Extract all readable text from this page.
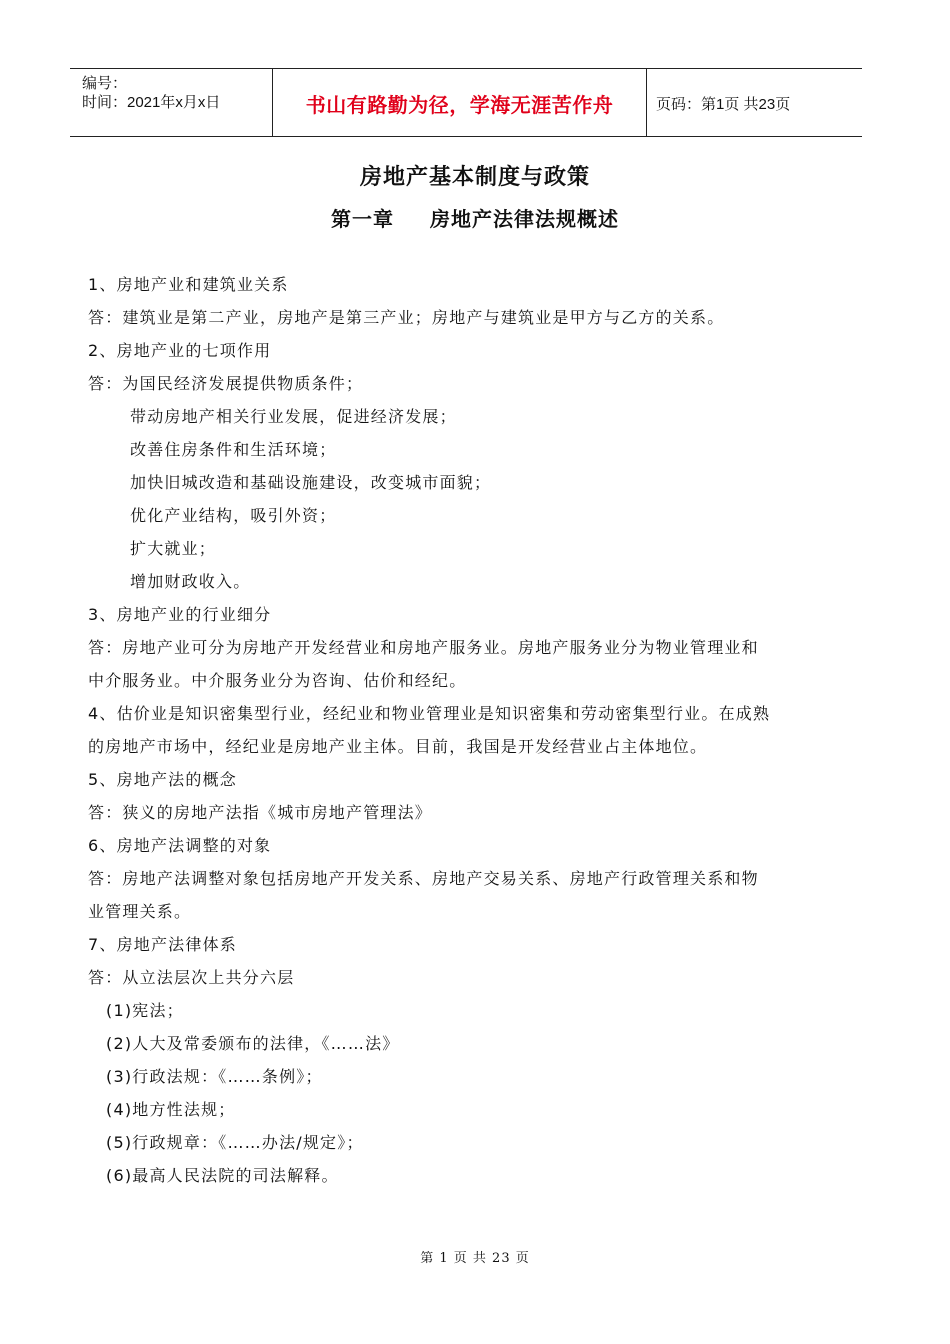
编号：
时间：2021年x月x日	书山有路勤为径，学海无涯苦作舟	页码：第1页 共23页
房地产基本制度与政策
第一章 房地产法律法规概述
1、房地产业和建筑业关系
答：建筑业是第二产业，房地产是第三产业；房地产与建筑业是甲方与乙方的关系。
2、房地产业的七项作用
答：为国民经济发展提供物质条件；
带动房地产相关行业发展，促进经济发展；
改善住房条件和生活环境；
加快旧城改造和基础设施建设，改变城市面貌；
优化产业结构，吸引外资；
扩大就业；
增加财政收入。
3、房地产业的行业细分
答：房地产业可分为房地产开发经营业和房地产服务业。房地产服务业分为物业管理业和
中介服务业。中介服务业分为咨询、估价和经纪。
4、估价业是知识密集型行业，经纪业和物业管理业是知识密集和劳动密集型行业。在成熟
的房地产市场中，经纪业是房地产业主体。目前，我国是开发经营业占主体地位。
5、房地产法的概念
答：狭义的房地产法指《城市房地产管理法》
6、房地产法调整的对象
答：房地产法调整对象包括房地产开发关系、房地产交易关系、房地产行政管理关系和物
业管理关系。
7、房地产法律体系
答：从立法层次上共分六层
(1)宪法；
(2)人大及常委颁布的法律，《……法》
(3)行政法规：《……条例》；
(4)地方性法规；
(5)行政规章：《……办法/规定》；
(6)最高人民法院的司法解释。
第 1 页 共 23 页
